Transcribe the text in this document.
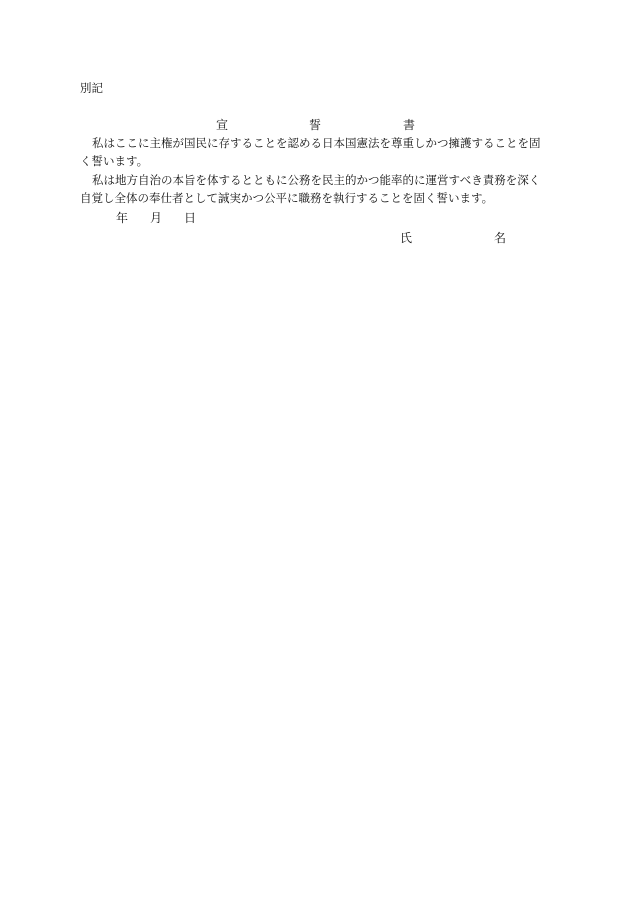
別記
宣	誓	書
私はここに主権が国民に存することを認める日本国憲法を尊重しかつ擁護することを固
く誓います。
私は地方自治の本旨を体するとともに公務を民主的かつ能率的に運営すべき責務を深く
自覚し全体の奉仕者として誠実かつ公平に職務を執行することを固く誓います。
年 月 日
氏	名
